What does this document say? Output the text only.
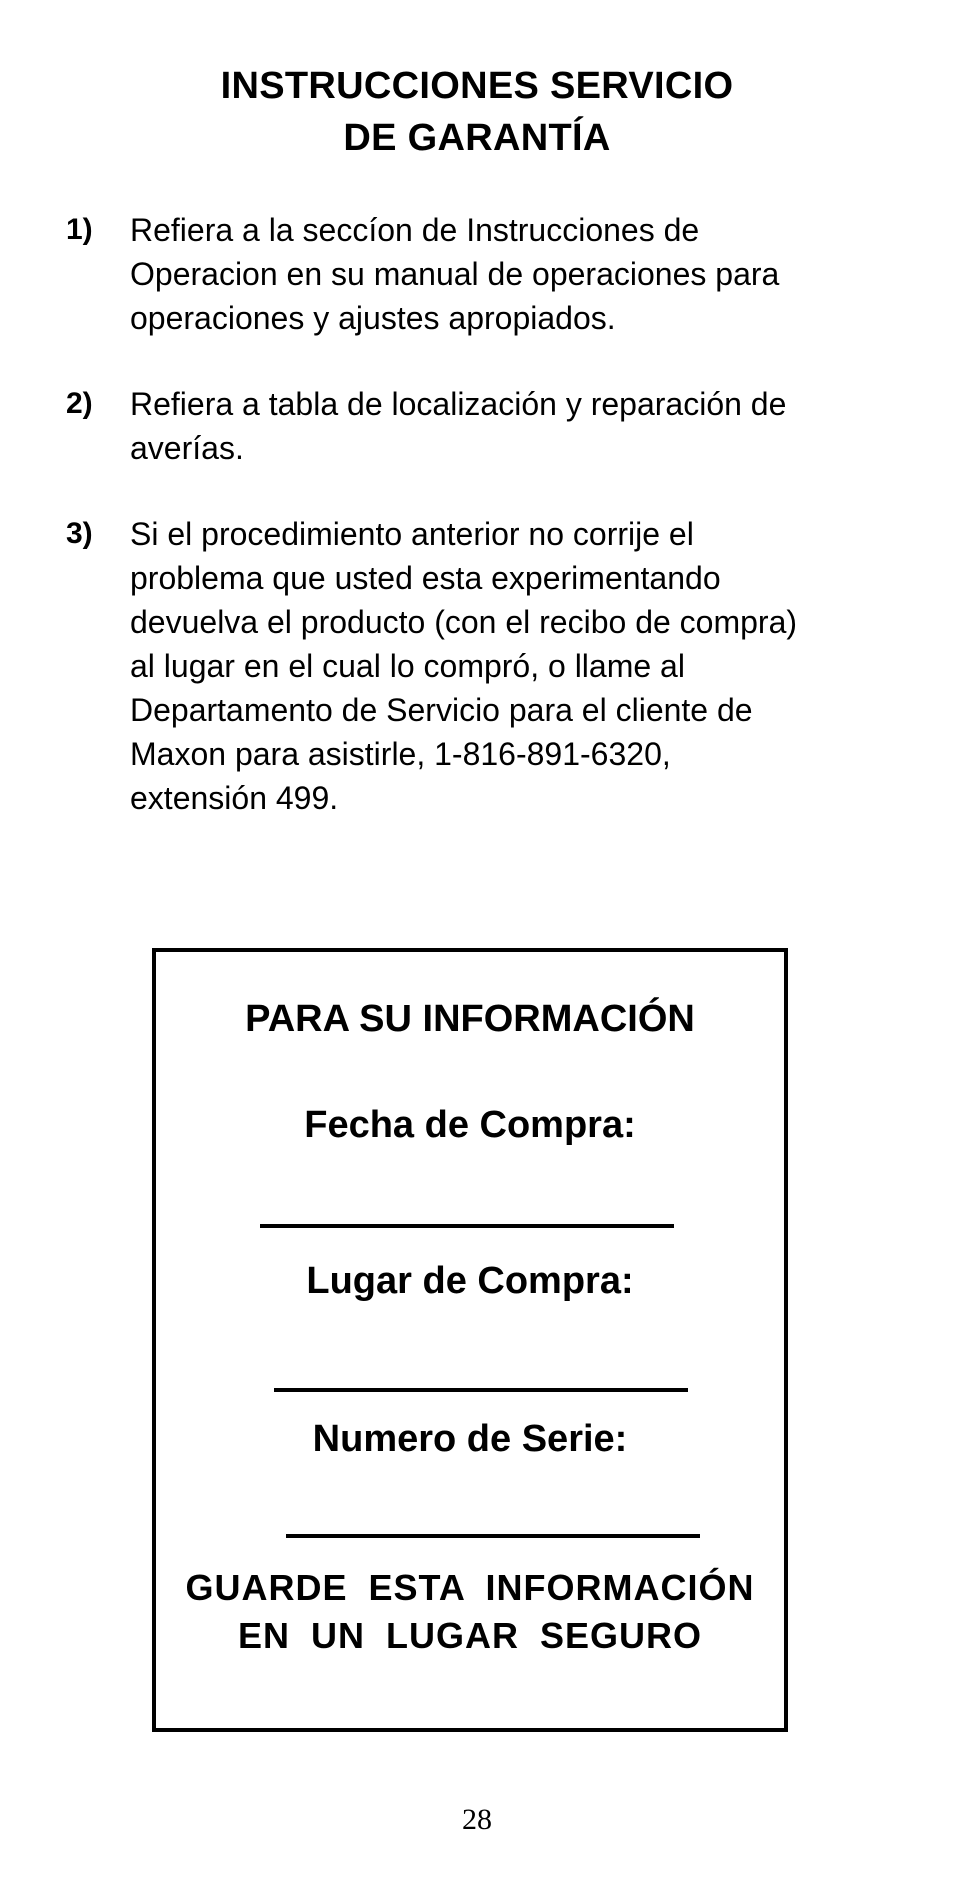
INSTRUCCIONES SERVICIO
DE GARANTÍA
1) Refiera a la seccíon de Instrucciones de
Operacion en su manual de operaciones para
operaciones y ajustes apropiados.
2) Refiera a tabla de localización y reparación de
averías.
3) Si el procedimiento anterior no corrije el
problema que usted esta experimentando
devuelva el producto (con el recibo de compra)
al lugar en el cual lo compró, o llame al
Departamento de Servicio para el cliente de
Maxon para asistirle, 1-816-891-6320,
extensión 499.
PARA SU INFORMACIÓN
Fecha de Compra:
Lugar de Compra:
Numero de Serie:
GUARDE ESTA INFORMACIÓN
EN UN LUGAR SEGURO
28
